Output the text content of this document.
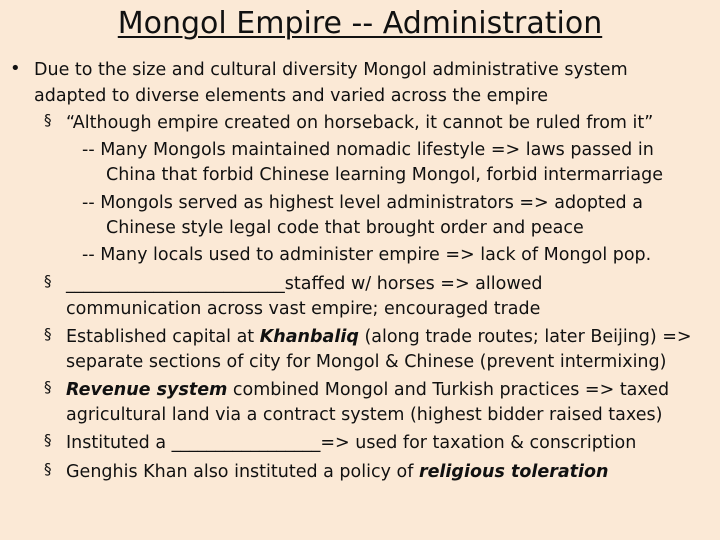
Mongol Empire -- Administration
• Due to the size and cultural diversity Mongol administrative system
adapted to diverse elements and varied across the empire
§ “Although empire created on horseback, it cannot be ruled from it”
-- Many Mongols maintained nomadic lifestyle => laws passed in
China that forbid Chinese learning Mongol, forbid intermarriage
-- Mongols served as highest level administrators => adopted a
Chinese style legal code that brought order and peace
-- Many locals used to administer empire => lack of Mongol pop.
§ _________________________staffed w/ horses => allowed
communication across vast empire; encouraged trade
§ Established capital at Khanbaliq (along trade routes; later Beijing) =>
separate sections of city for Mongol & Chinese (prevent intermixing)
§ Revenue system combined Mongol and Turkish practices => taxed
agricultural land via a contract system (highest bidder raised taxes)
§ Instituted a _________________=> used for taxation & conscription
§ Genghis Khan also instituted a policy of religious toleration
